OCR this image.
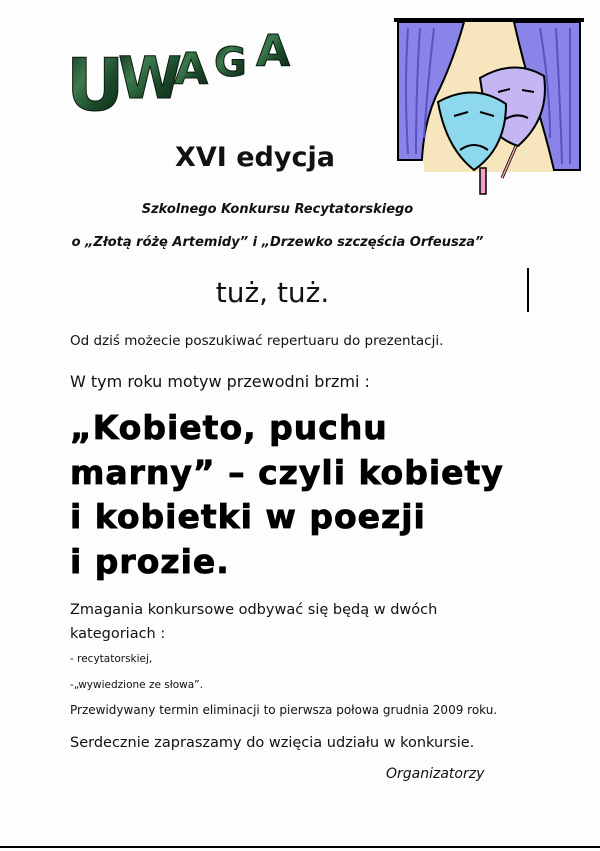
U
W
A G A
XVI edycja
Szkolnego Konkursu Recytatorskiego
o „Złotą różę Artemidy” i „Drzewko szczęścia Orfeusza”
tuż, tuż.
Od dziś możecie poszukiwać repertuaru do prezentacji.
W tym roku motyw przewodni brzmi :
„Kobieto, puchu
marny” – czyli kobiety
i kobietki w poezji
i prozie.
Zmagania konkursowe odbywać się będą w dwóch kategoriach :
- recytatorskiej,
-„wywiedzione ze słowa”.
Przewidywany termin eliminacji to pierwsza połowa grudnia 2009 roku.
Serdecznie zapraszamy do wzięcia udziału w konkursie.
Organizatorzy
